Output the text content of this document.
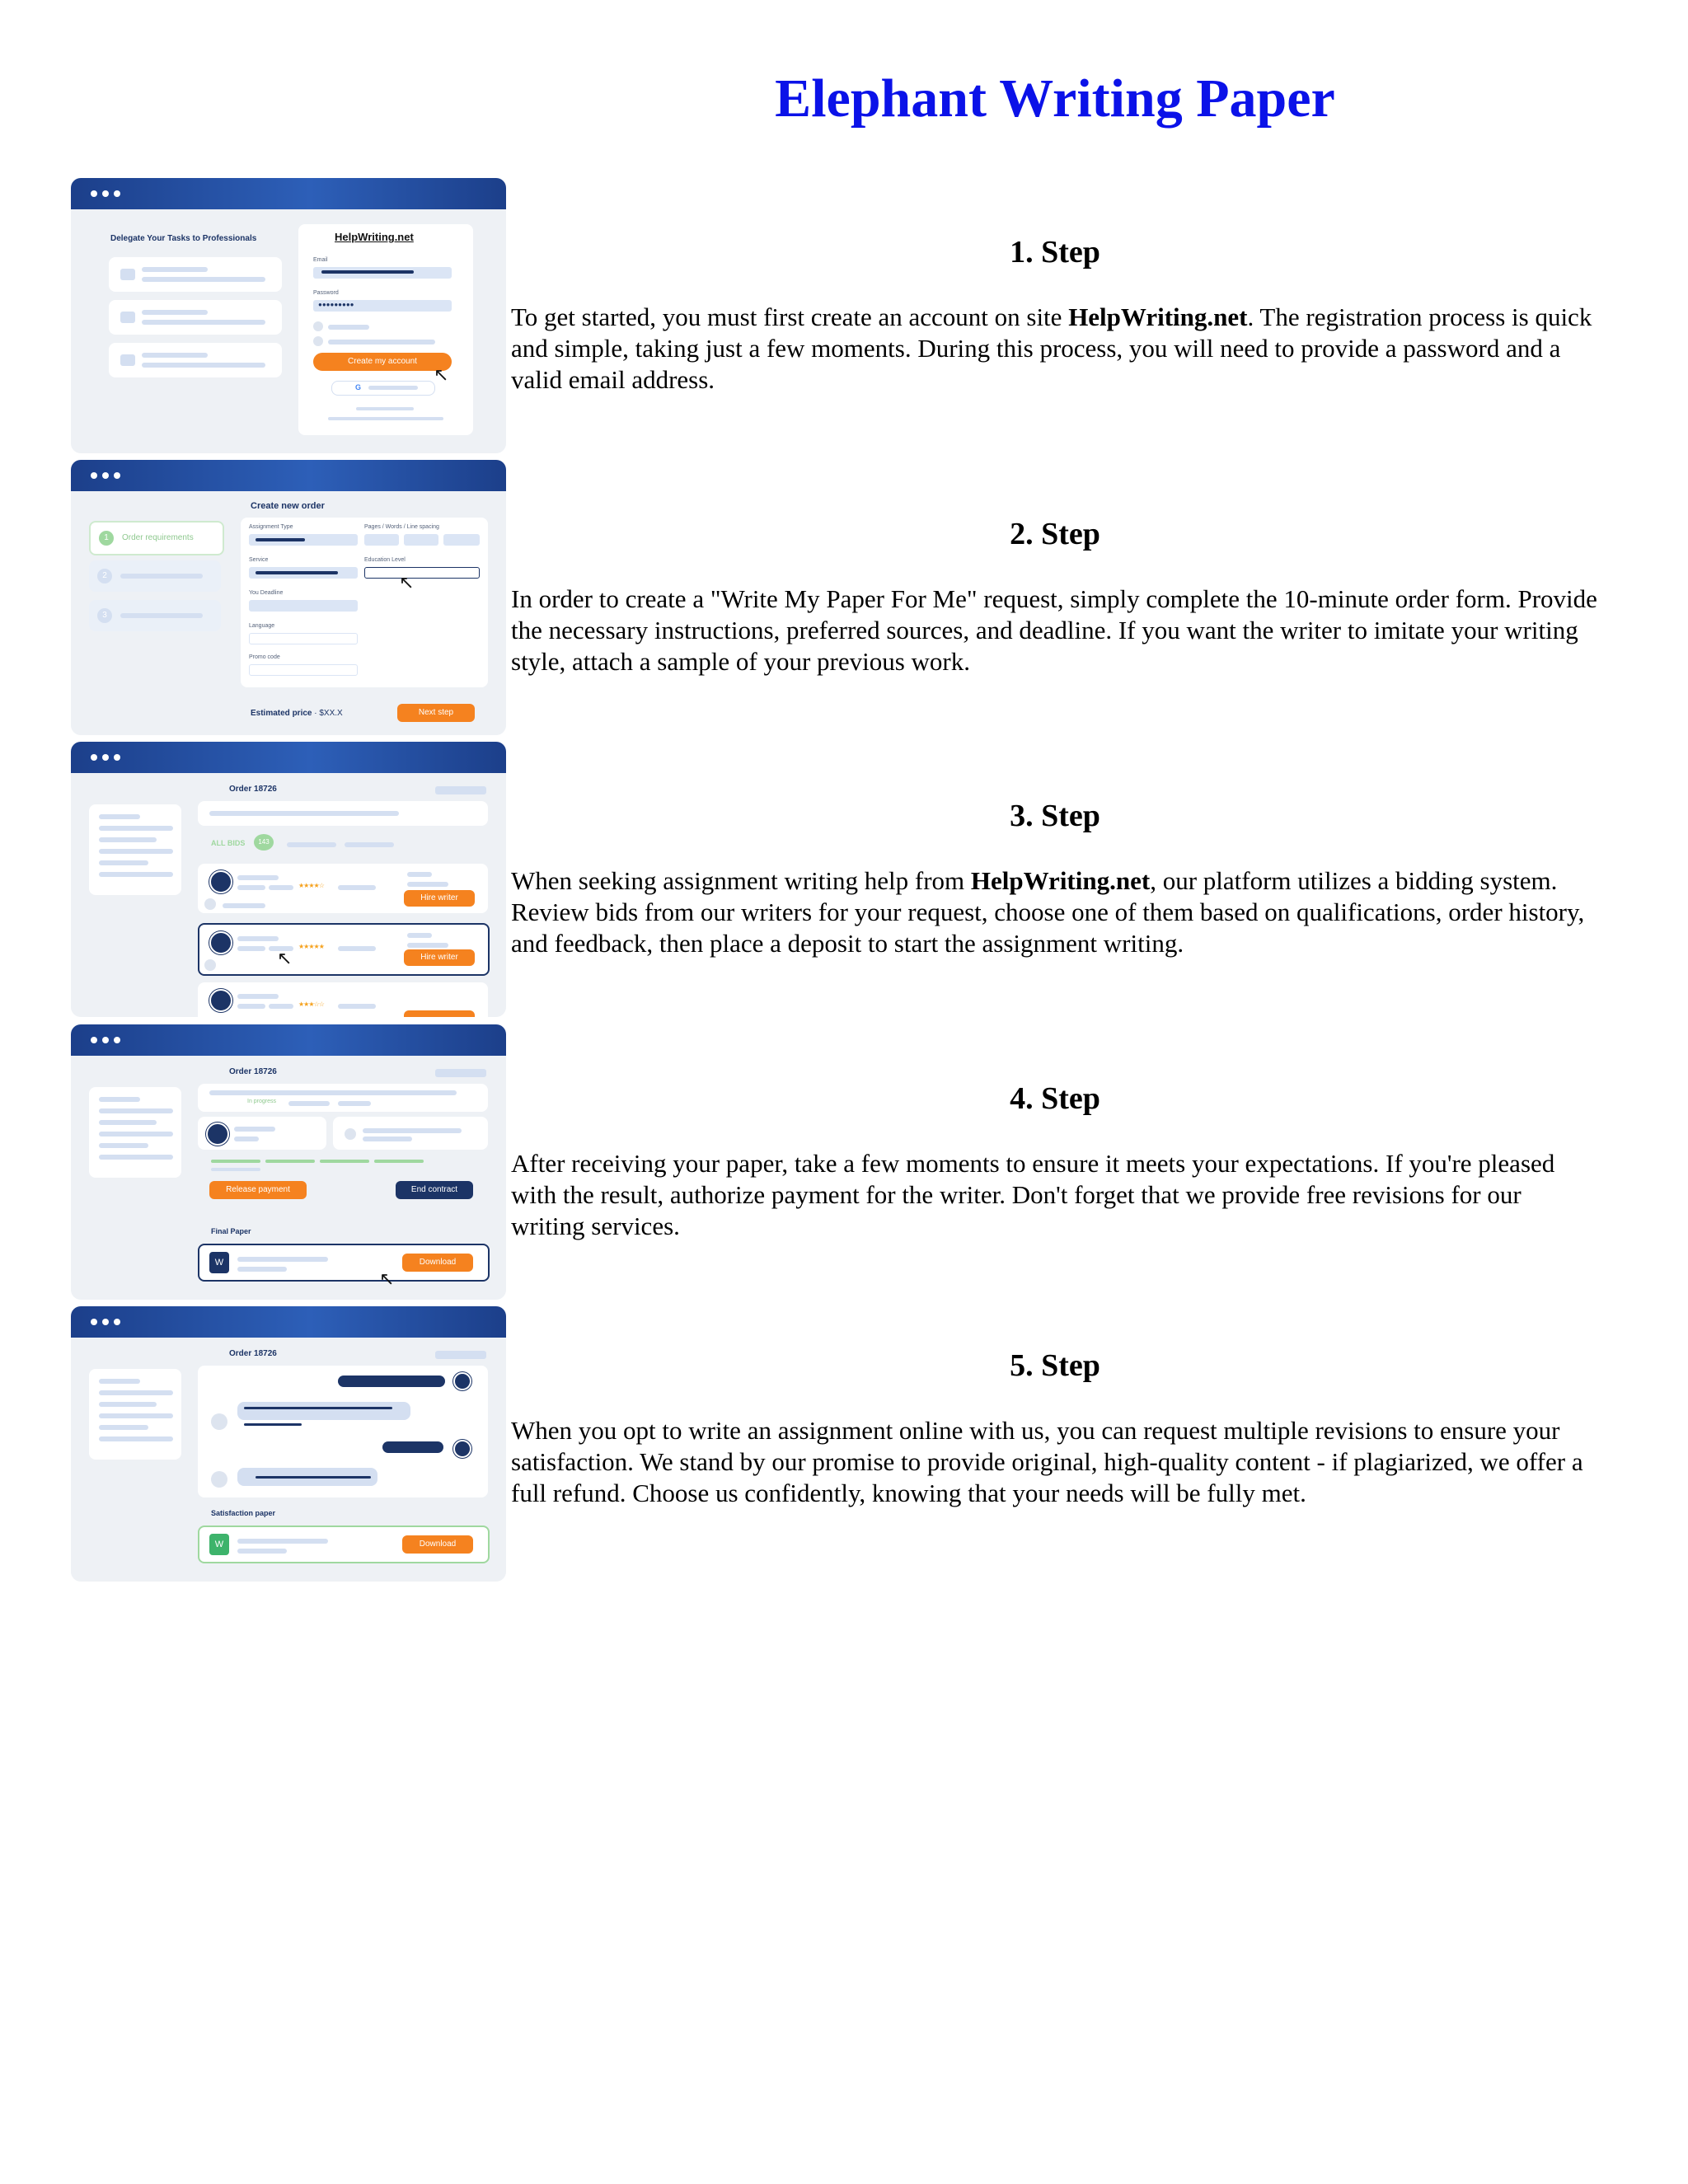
Elephant Writing Paper
Delegate Your Tasks to Professionals	HelpWriting.net
Email
Password
●●●●●●●●●
Create my account
G
↖
1. Step

To get started, you must first create an account on site HelpWriting.net. The registration process is quick and simple, taking just a few moments. During this process, you will need to provide a password and a valid email address.

Create new order
1	Order requirements
2
3
Assignment Type	Pages / Words / Line spacing
Service	Education Level
You Deadline
Language
Promo code
↖
Estimated price · $XX.X	Next step
2. Step

In order to create a "Write My Paper For Me" request, simply complete the 10-minute order form. Provide the necessary instructions, preferred sources, and deadline. If you want the writer to imitate your writing style, attach a sample of your previous work.

Order 18726
ALL BIDS	143
★★★★☆
Hire writer
★★★★★
Hire writer
↖
★★★☆☆
3. Step

When seeking assignment writing help from HelpWriting.net, our platform utilizes a bidding system. Review bids from our writers for your request, choose one of them based on qualifications, order history, and feedback, then place a deposit to start the assignment writing.

Order 18726
In progress
Release payment	End contract
Final Paper
W	Download
↖
4. Step

After receiving your paper, take a few moments to ensure it meets your expectations. If you're pleased with the result, authorize payment for the writer. Don't forget that we provide free revisions for our writing services.

Order 18726
Satisfaction paper
W	Download
5. Step

When you opt to write an assignment online with us, you can request multiple revisions to ensure your satisfaction. We stand by our promise to provide original, high-quality content - if plagiarized, we offer a full refund. Choose us confidently, knowing that your needs will be fully met.
